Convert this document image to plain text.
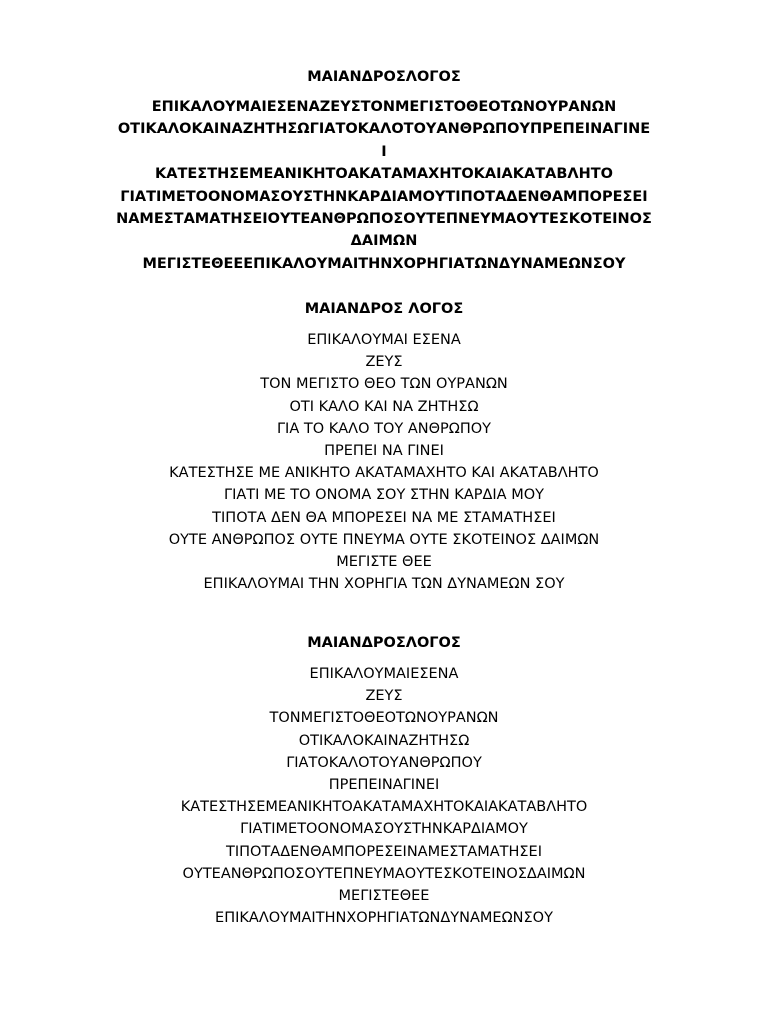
ΜΑΙΑΝΔΡΟΣΛΟΓΟΣ
ΕΠΙΚΑΛΟΥΜΑΙΕΣΕΝΑΖΕΥΣΤΟΝΜΕΓΙΣΤΟΘΕΟΤΩΝΟΥΡΑΝΩΝ
ΟΤΙΚΑΛΟΚΑΙΝΑΖΗΤΗΣΩΓΙΑΤΟΚΑΛΟΤΟΥΑΝΘΡΩΠΟΥΠΡΕΠΕΙΝΑΓΙΝΕ
Ι
ΚΑΤΕΣΤΗΣΕΜΕΑΝΙΚΗΤΟΑΚΑΤΑΜΑΧΗΤΟΚΑΙΑΚΑΤΑΒΛΗΤΟ
ΓΙΑΤΙΜΕΤΟΟΝΟΜΑΣΟΥΣΤΗΝΚΑΡΔΙΑΜΟΥΤΙΠΟΤΑΔΕΝΘΑΜΠΟΡΕΣΕΙ
ΝΑΜΕΣΤΑΜΑΤΗΣΕΙΟΥΤΕΑΝΘΡΩΠΟΣΟΥΤΕΠΝΕΥΜΑΟΥΤΕΣΚΟΤΕΙΝΟΣ
ΔΑΙΜΩΝ
ΜΕΓΙΣΤΕΘΕΕΕΠΙΚΑΛΟΥΜΑΙΤΗΝΧΟΡΗΓΙΑΤΩΝΔΥΝΑΜΕΩΝΣΟΥ
ΜΑΙΑΝΔΡΟΣ ΛΟΓΟΣ
ΕΠΙΚΑΛΟΥΜΑΙ ΕΣΕΝΑ
ΖΕΥΣ
ΤΟΝ ΜΕΓΙΣΤΟ ΘΕΟ ΤΩΝ ΟΥΡΑΝΩΝ
ΟΤΙ ΚΑΛΟ ΚΑΙ ΝΑ ΖΗΤΗΣΩ
ΓΙΑ ΤΟ ΚΑΛΟ ΤΟΥ ΑΝΘΡΩΠΟΥ
ΠΡΕΠΕΙ ΝΑ ΓΙΝΕΙ
ΚΑΤΕΣΤΗΣΕ ΜΕ ΑΝΙΚΗΤΟ ΑΚΑΤΑΜΑΧΗΤΟ ΚΑΙ ΑΚΑΤΑΒΛΗΤΟ
ΓΙΑΤΙ ΜΕ ΤΟ ΟΝΟΜΑ ΣΟΥ ΣΤΗΝ ΚΑΡΔΙΑ ΜΟΥ
ΤΙΠΟΤΑ ΔΕΝ ΘΑ ΜΠΟΡΕΣΕΙ ΝΑ ΜΕ ΣΤΑΜΑΤΗΣΕΙ
ΟΥΤΕ ΑΝΘΡΩΠΟΣ ΟΥΤΕ ΠΝΕΥΜΑ ΟΥΤΕ ΣΚΟΤΕΙΝΟΣ ΔΑΙΜΩΝ
ΜΕΓΙΣΤΕ ΘΕΕ
ΕΠΙΚΑΛΟΥΜΑΙ ΤΗΝ ΧΟΡΗΓΙΑ ΤΩΝ ΔΥΝΑΜΕΩΝ ΣΟΥ
ΜΑΙΑΝΔΡΟΣΛΟΓΟΣ
ΕΠΙΚΑΛΟΥΜΑΙΕΣΕΝΑ
ΖΕΥΣ
ΤΟΝΜΕΓΙΣΤΟΘΕΟΤΩΝΟΥΡΑΝΩΝ
ΟΤΙΚΑΛΟΚΑΙΝΑΖΗΤΗΣΩ
ΓΙΑΤΟΚΑΛΟΤΟΥΑΝΘΡΩΠΟΥ
ΠΡΕΠΕΙΝΑΓΙΝΕΙ
ΚΑΤΕΣΤΗΣΕΜΕΑΝΙΚΗΤΟΑΚΑΤΑΜΑΧΗΤΟΚΑΙΑΚΑΤΑΒΛΗΤΟ
ΓΙΑΤΙΜΕΤΟΟΝΟΜΑΣΟΥΣΤΗΝΚΑΡΔΙΑΜΟΥ
ΤΙΠΟΤΑΔΕΝΘΑΜΠΟΡΕΣΕΙΝΑΜΕΣΤΑΜΑΤΗΣΕΙ
ΟΥΤΕΑΝΘΡΩΠΟΣΟΥΤΕΠΝΕΥΜΑΟΥΤΕΣΚΟΤΕΙΝΟΣΔΑΙΜΩΝ
ΜΕΓΙΣΤΕΘΕΕ
ΕΠΙΚΑΛΟΥΜΑΙΤΗΝΧΟΡΗΓΙΑΤΩΝΔΥΝΑΜΕΩΝΣΟΥ
